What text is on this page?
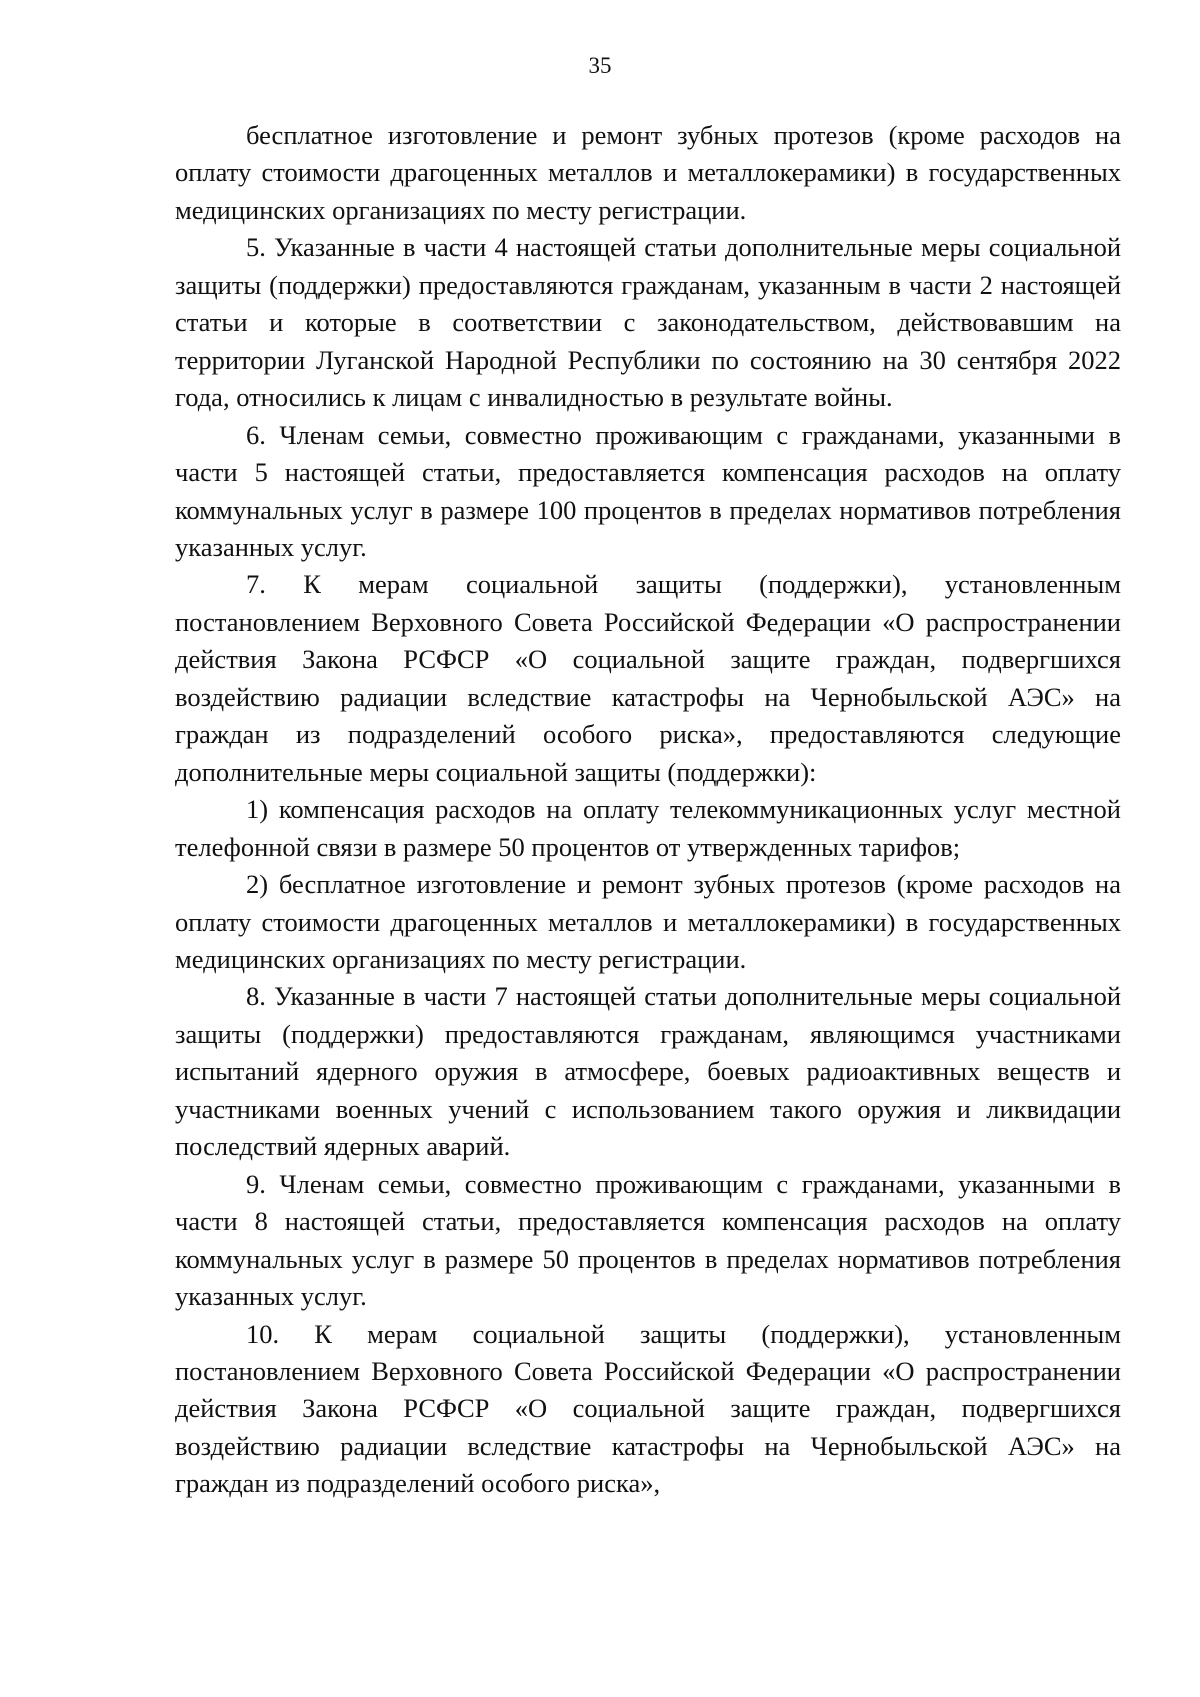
35

бесплатное изготовление и ремонт зубных протезов (кроме расходов на оплату стоимости драгоценных металлов и металлокерамики) в государственных медицинских организациях по месту регистрации.

5. Указанные в части 4 настоящей статьи дополнительные меры социальной защиты (поддержки) предоставляются гражданам, указанным в части 2 настоящей статьи и которые в соответствии с законодательством, действовавшим на территории Луганской Народной Республики по состоянию на 30 сентября 2022 года, относились к лицам с инвалидностью в результате войны.

6. Членам семьи, совместно проживающим с гражданами, указанными в части 5 настоящей статьи, предоставляется компенсация расходов на оплату коммунальных услуг в размере 100 процентов в пределах нормативов потребления указанных услуг.

7. К мерам социальной защиты (поддержки), установленным постановлением Верховного Совета Российской Федерации «О распространении действия Закона РСФСР «О социальной защите граждан, подвергшихся воздействию радиации вследствие катастрофы на Чернобыльской АЭС» на граждан из подразделений особого риска», предоставляются следующие дополнительные меры социальной защиты (поддержки):

1) компенсация расходов на оплату телекоммуникационных услуг местной телефонной связи в размере 50 процентов от утвержденных тарифов;

2) бесплатное изготовление и ремонт зубных протезов (кроме расходов на оплату стоимости драгоценных металлов и металлокерамики) в государственных медицинских организациях по месту регистрации.

8. Указанные в части 7 настоящей статьи дополнительные меры социальной защиты (поддержки) предоставляются гражданам, являющимся участниками испытаний ядерного оружия в атмосфере, боевых радиоактивных веществ и участниками военных учений с использованием такого оружия и ликвидации последствий ядерных аварий.

9. Членам семьи, совместно проживающим с гражданами, указанными в части 8 настоящей статьи, предоставляется компенсация расходов на оплату коммунальных услуг в размере 50 процентов в пределах нормативов потребления указанных услуг.

10. К мерам социальной защиты (поддержки), установленным постановлением Верховного Совета Российской Федерации «О распространении действия Закона РСФСР «О социальной защите граждан, подвергшихся воздействию радиации вследствие катастрофы на Чернобыльской АЭС» на граждан из подразделений особого риска»,
